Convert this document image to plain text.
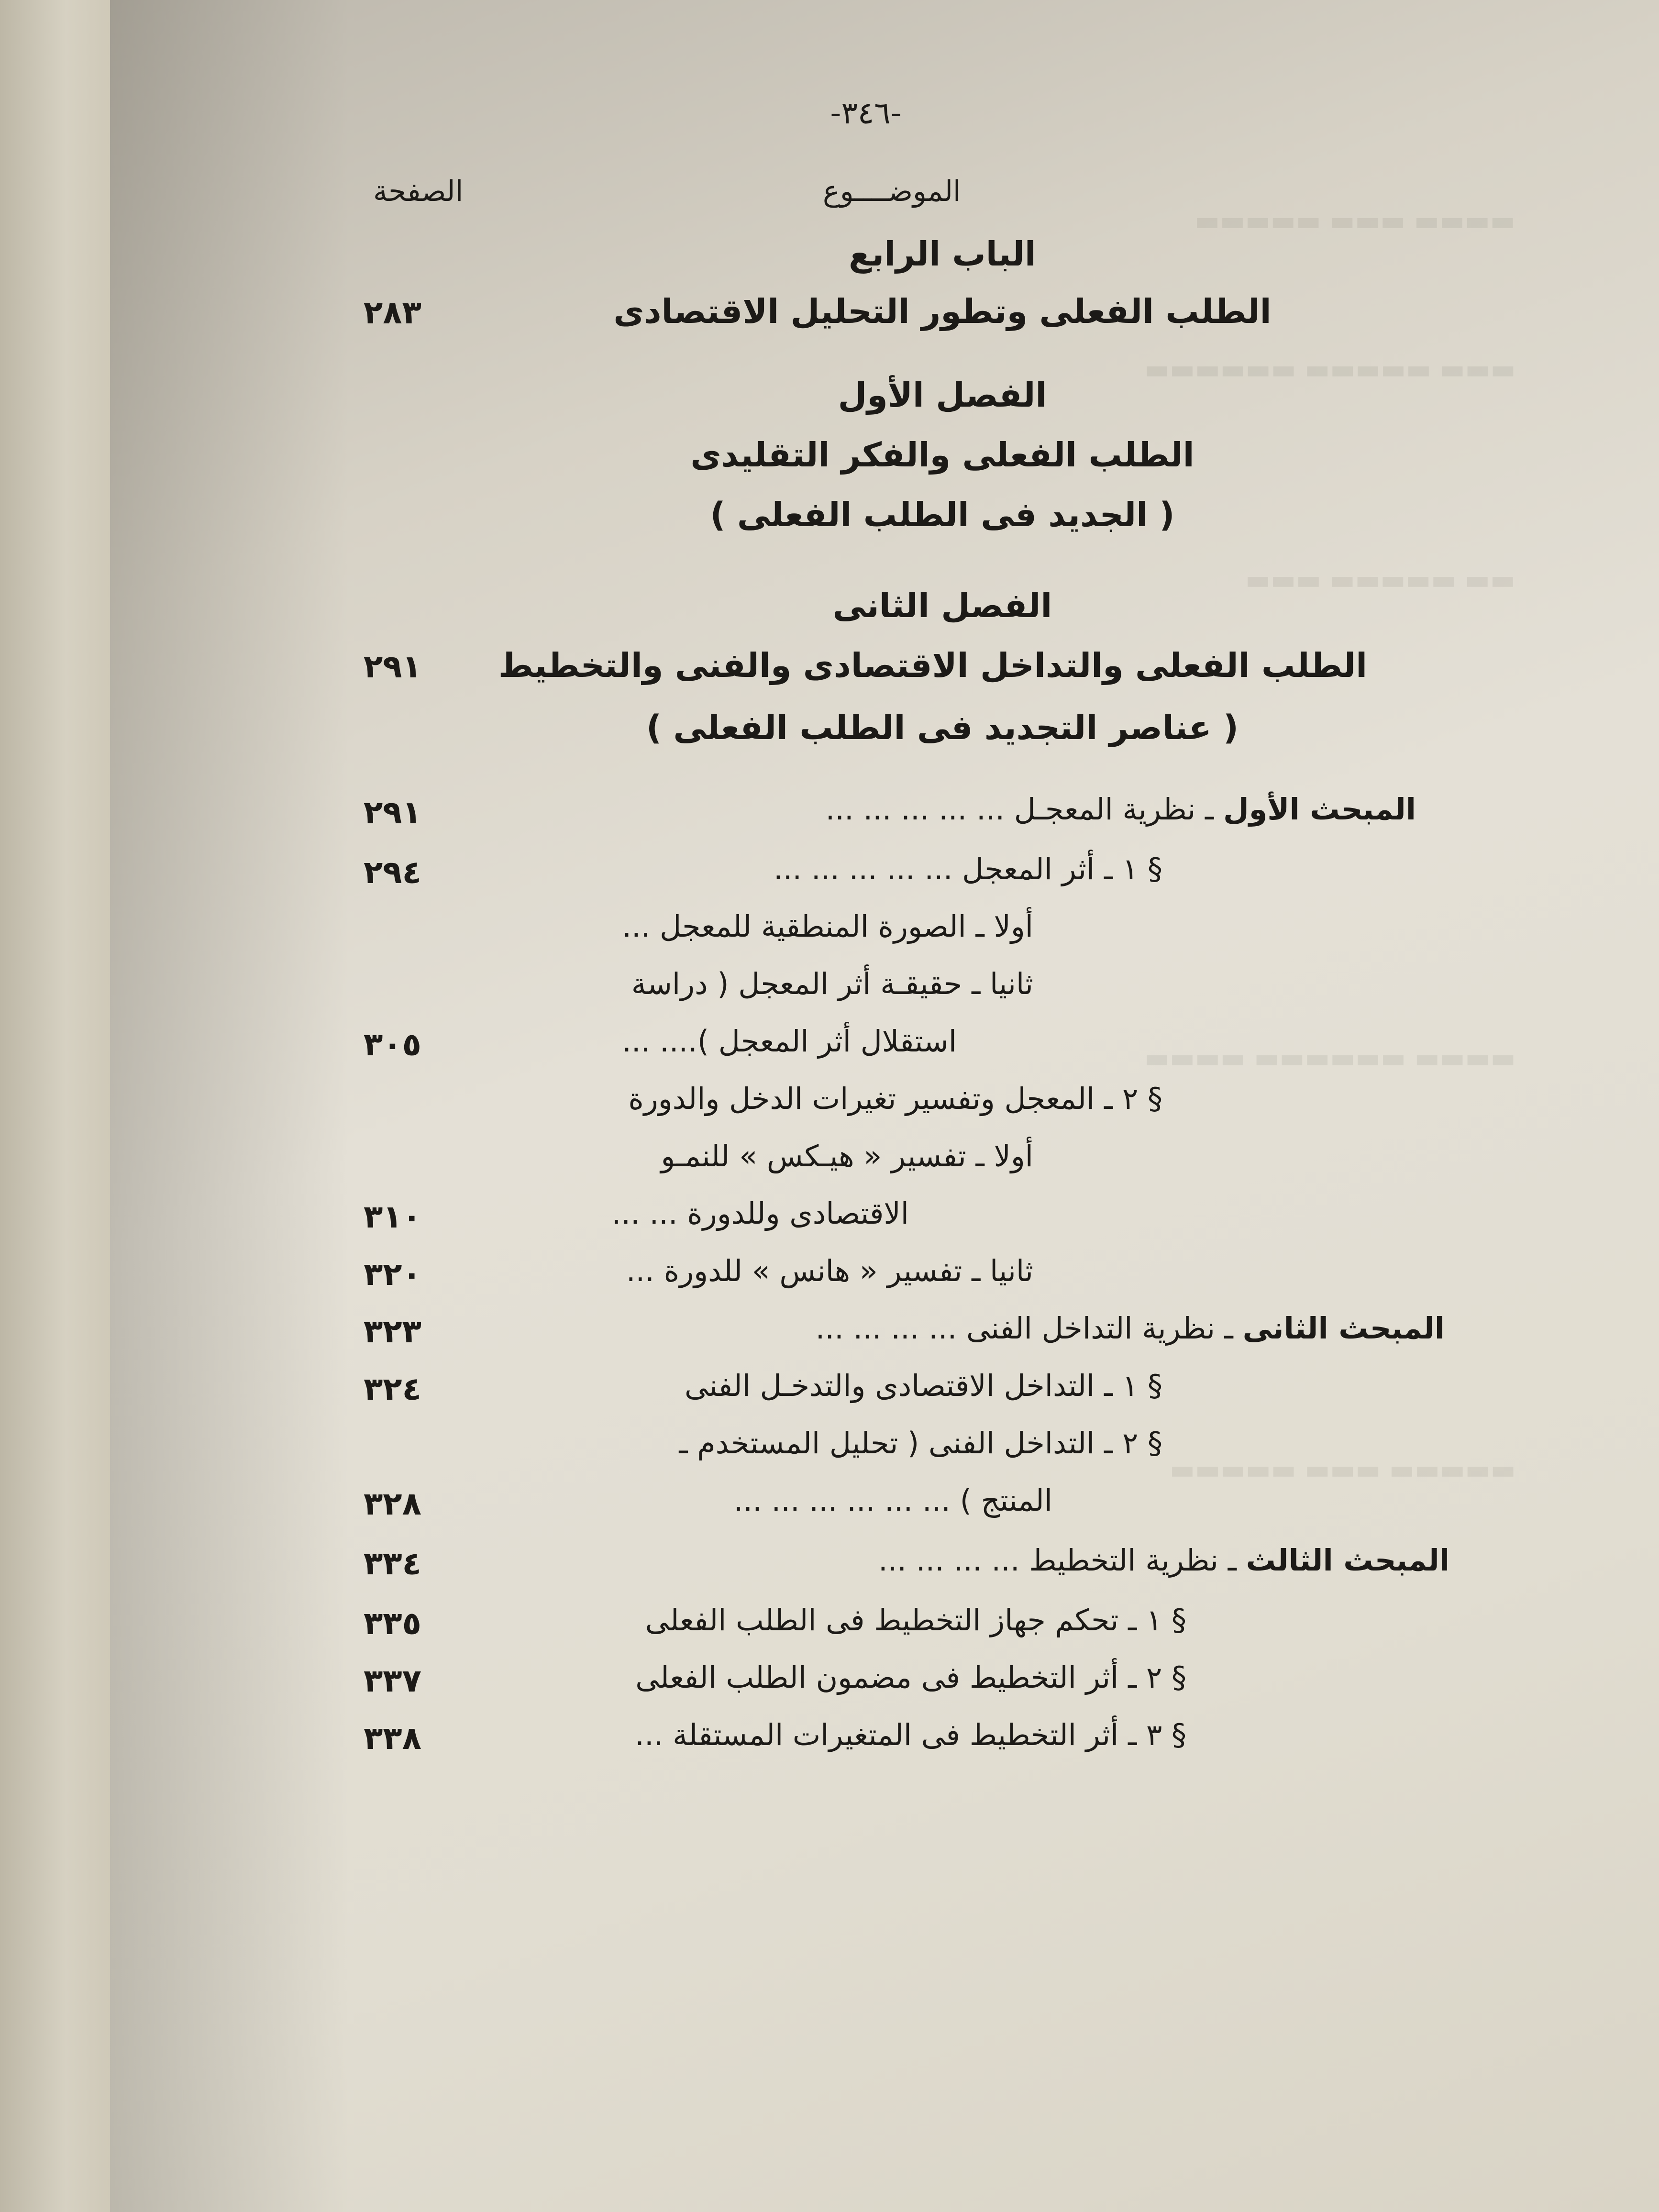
▬▬▬▬▬ ▬▬▬ ▬▬▬▬
▬▬▬▬▬▬ ▬▬▬▬▬ ▬▬▬
▬▬▬ ▬▬▬▬▬ ▬▬
▬▬▬▬ ▬▬▬▬▬▬ ▬▬▬▬
▬▬▬▬▬ ▬▬▬ ▬▬▬▬▬
-٣٤٦-
الموضــــوع
الصفحة
الباب الرابع
الطلب الفعلى وتطور التحليل الاقتصادى
٢٨٣
الفصل الأول
الطلب الفعلى والفكر التقليدى
( الجديد فى الطلب الفعلى )
الفصل الثانى
الطلب الفعلى والتداخل الاقتصادى والفنى والتخطيط
٢٩١
( عناصر التجديد فى الطلب الفعلى )
المبحث الأول ـ نظرية المعجـل ... ... ... ... ...
٢٩١
§ ١ ـ أثر المعجل ... ... ... ... ...
٢٩٤
أولا ـ الصورة المنطقية للمعجل ...
ثانيا ـ حقيقـة أثر المعجل ( دراسة
استقلال أثر المعجل ).... ...
٣٠٥
§ ٢ ـ المعجل وتفسير تغيرات الدخل والدورة
أولا ـ تفسير « هيـكس » للنمـو
الاقتصادى وللدورة ... ...
٣١٠
ثانيا ـ تفسير « هانس » للدورة ...
٣٢٠
المبحث الثانى ـ نظرية التداخل الفنى ... ... ... ...
٣٢٣
§ ١ ـ التداخل الاقتصادى والتدخـل الفنى
٣٢٤
§ ٢ ـ التداخل الفنى ( تحليل المستخدم ـ
المنتج ) ... ... ... ... ... ...
٣٢٨
المبحث الثالث ـ نظرية التخطيط ... ... ... ...
٣٣٤
§ ١ ـ تحكم جهاز التخطيط فى الطلب الفعلى
٣٣٥
§ ٢ ـ أثر التخطيط فى مضمون الطلب الفعلى
٣٣٧
§ ٣ ـ أثر التخطيط فى المتغيرات المستقلة ...
٣٣٨
